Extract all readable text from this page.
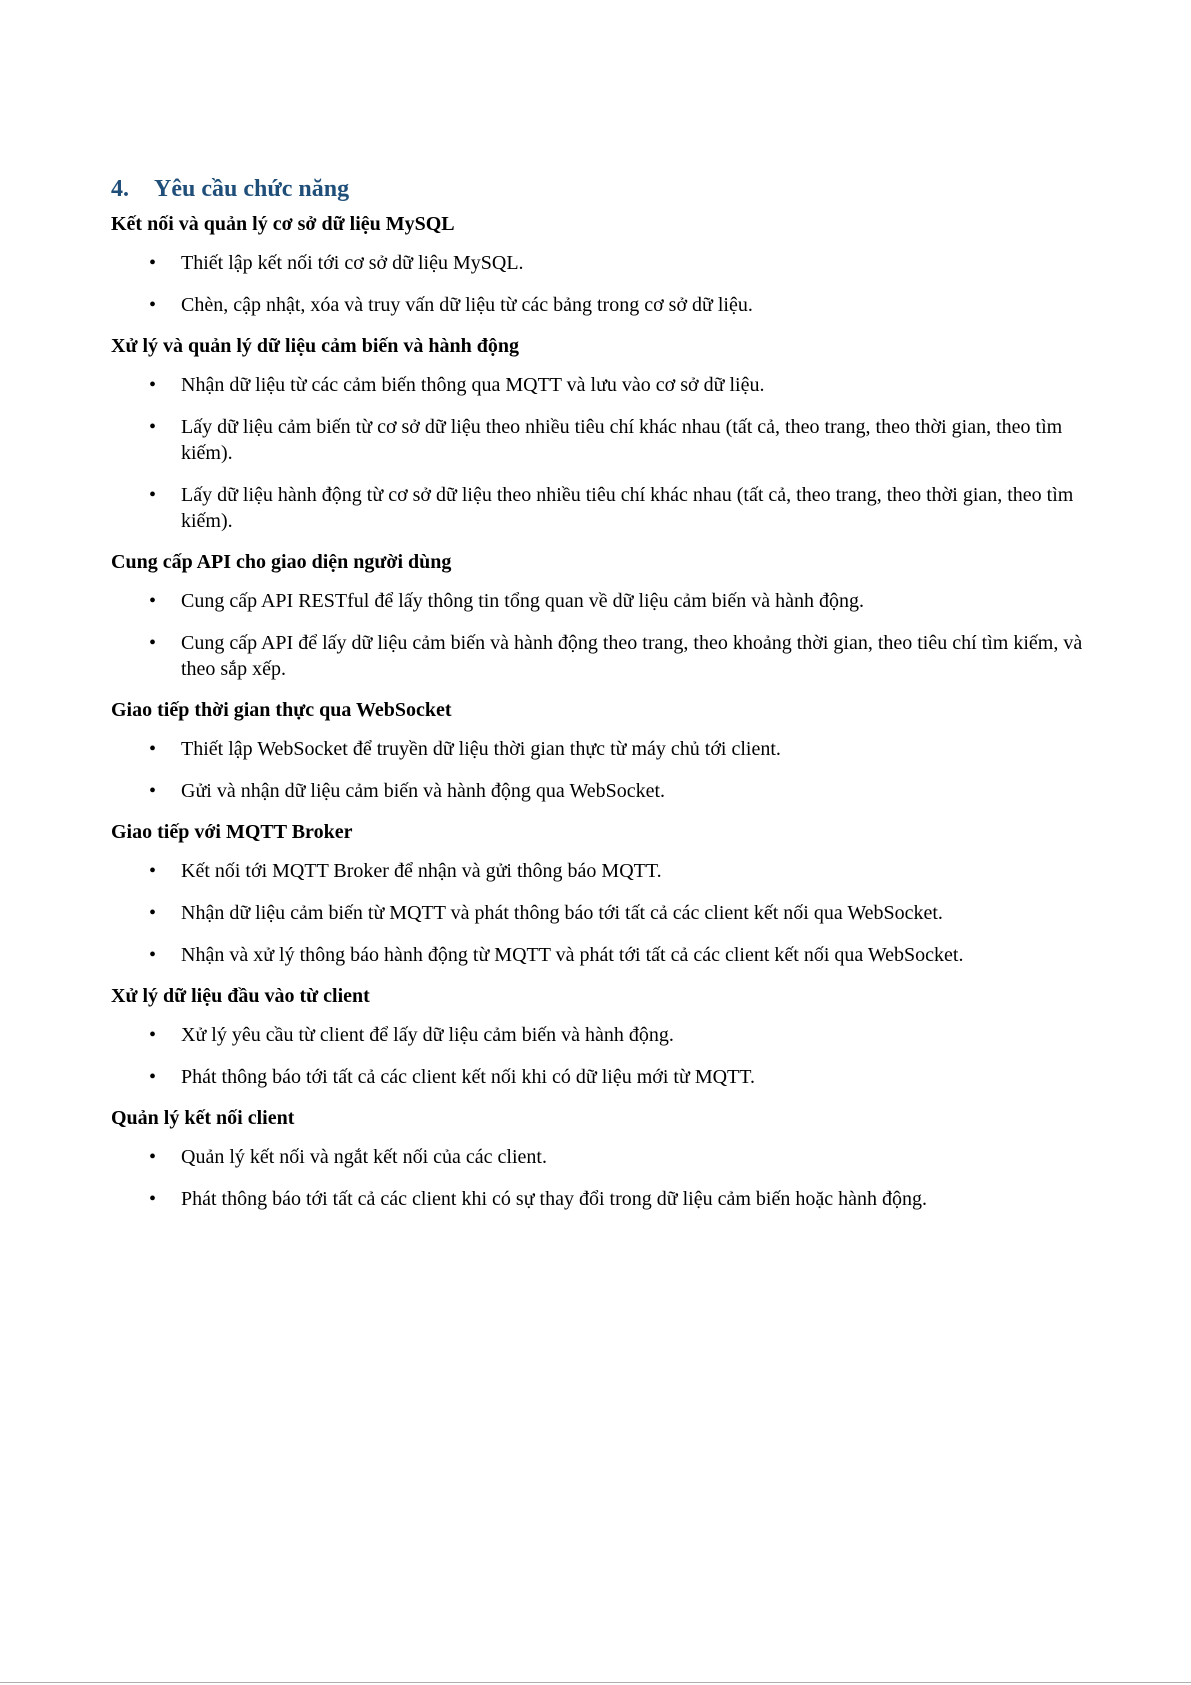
4. Yêu cầu chức năng
Kết nối và quản lý cơ sở dữ liệu MySQL
• Thiết lập kết nối tới cơ sở dữ liệu MySQL.
• Chèn, cập nhật, xóa và truy vấn dữ liệu từ các bảng trong cơ sở dữ liệu.
Xử lý và quản lý dữ liệu cảm biến và hành động
• Nhận dữ liệu từ các cảm biến thông qua MQTT và lưu vào cơ sở dữ liệu.
• Lấy dữ liệu cảm biến từ cơ sở dữ liệu theo nhiều tiêu chí khác nhau (tất cả, theo trang, theo thời gian, theo tìm kiếm).
• Lấy dữ liệu hành động từ cơ sở dữ liệu theo nhiều tiêu chí khác nhau (tất cả, theo trang, theo thời gian, theo tìm kiếm).
Cung cấp API cho giao diện người dùng
• Cung cấp API RESTful để lấy thông tin tổng quan về dữ liệu cảm biến và hành động.
• Cung cấp API để lấy dữ liệu cảm biến và hành động theo trang, theo khoảng thời gian, theo tiêu chí tìm kiếm, và theo sắp xếp.
Giao tiếp thời gian thực qua WebSocket
• Thiết lập WebSocket để truyền dữ liệu thời gian thực từ máy chủ tới client.
• Gửi và nhận dữ liệu cảm biến và hành động qua WebSocket.
Giao tiếp với MQTT Broker
• Kết nối tới MQTT Broker để nhận và gửi thông báo MQTT.
• Nhận dữ liệu cảm biến từ MQTT và phát thông báo tới tất cả các client kết nối qua WebSocket.
• Nhận và xử lý thông báo hành động từ MQTT và phát tới tất cả các client kết nối qua WebSocket.
Xử lý dữ liệu đầu vào từ client
• Xử lý yêu cầu từ client để lấy dữ liệu cảm biến và hành động.
• Phát thông báo tới tất cả các client kết nối khi có dữ liệu mới từ MQTT.
Quản lý kết nối client
• Quản lý kết nối và ngắt kết nối của các client.
• Phát thông báo tới tất cả các client khi có sự thay đổi trong dữ liệu cảm biến hoặc hành động.
